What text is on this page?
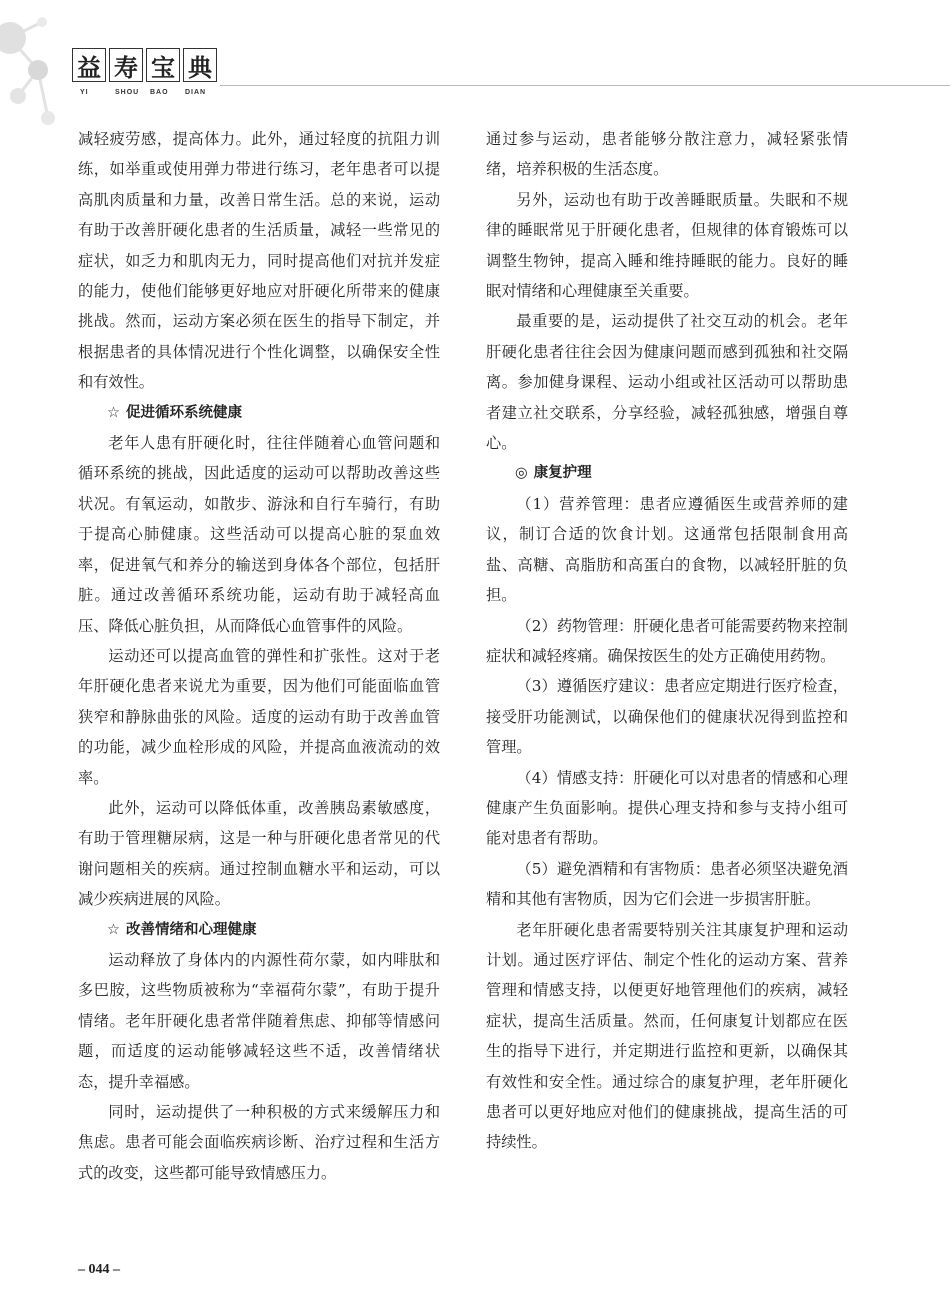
益 寿 宝 典
YI	SHOU	BAO	DIAN

减轻疲劳感，提高体力。此外，通过轻度的抗阻力训练，如举重或使用弹力带进行练习，老年患者可以提高肌肉质量和力量，改善日常生活。总的来说，运动有助于改善肝硬化患者的生活质量，减轻一些常见的症状，如乏力和肌肉无力，同时提高他们对抗并发症的能力，使他们能够更好地应对肝硬化所带来的健康挑战。然而，运动方案必须在医生的指导下制定，并根据患者的具体情况进行个性化调整，以确保安全性和有效性。

☆ 促进循环系统健康

老年人患有肝硬化时，往往伴随着心血管问题和循环系统的挑战，因此适度的运动可以帮助改善这些状况。有氧运动，如散步、游泳和自行车骑行，有助于提高心肺健康。这些活动可以提高心脏的泵血效率，促进氧气和养分的输送到身体各个部位，包括肝脏。通过改善循环系统功能，运动有助于减轻高血压、降低心脏负担，从而降低心血管事件的风险。

运动还可以提高血管的弹性和扩张性。这对于老年肝硬化患者来说尤为重要，因为他们可能面临血管狭窄和静脉曲张的风险。适度的运动有助于改善血管的功能，减少血栓形成的风险，并提高血液流动的效率。

此外，运动可以降低体重，改善胰岛素敏感度，有助于管理糖尿病，这是一种与肝硬化患者常见的代谢问题相关的疾病。通过控制血糖水平和运动，可以减少疾病进展的风险。

☆ 改善情绪和心理健康

运动释放了身体内的内源性荷尔蒙，如内啡肽和多巴胺，这些物质被称为“幸福荷尔蒙”，有助于提升情绪。老年肝硬化患者常伴随着焦虑、抑郁等情感问题，而适度的运动能够减轻这些不适，改善情绪状态，提升幸福感。

同时，运动提供了一种积极的方式来缓解压力和焦虑。患者可能会面临疾病诊断、治疗过程和生活方式的改变，这些都可能导致情感压力。

通过参与运动，患者能够分散注意力，减轻紧张情绪，培养积极的生活态度。

另外，运动也有助于改善睡眠质量。失眠和不规律的睡眠常见于肝硬化患者，但规律的体育锻炼可以调整生物钟，提高入睡和维持睡眠的能力。良好的睡眠对情绪和心理健康至关重要。

最重要的是，运动提供了社交互动的机会。老年肝硬化患者往往会因为健康问题而感到孤独和社交隔离。参加健身课程、运动小组或社区活动可以帮助患者建立社交联系，分享经验，减轻孤独感，增强自尊心。

◎ 康复护理

（1）营养管理：患者应遵循医生或营养师的建议，制订合适的饮食计划。这通常包括限制食用高盐、高糖、高脂肪和高蛋白的食物，以减轻肝脏的负担。

（2）药物管理：肝硬化患者可能需要药物来控制症状和减轻疼痛。确保按医生的处方正确使用药物。

（3）遵循医疗建议：患者应定期进行医疗检查，接受肝功能测试，以确保他们的健康状况得到监控和管理。

（4）情感支持：肝硬化可以对患者的情感和心理健康产生负面影响。提供心理支持和参与支持小组可能对患者有帮助。

（5）避免酒精和有害物质：患者必须坚决避免酒精和其他有害物质，因为它们会进一步损害肝脏。

老年肝硬化患者需要特别关注其康复护理和运动计划。通过医疗评估、制定个性化的运动方案、营养管理和情感支持，以便更好地管理他们的疾病，减轻症状，提高生活质量。然而，任何康复计划都应在医生的指导下进行，并定期进行监控和更新，以确保其有效性和安全性。通过综合的康复护理，老年肝硬化患者可以更好地应对他们的健康挑战，提高生活的可持续性。

– 044 –
